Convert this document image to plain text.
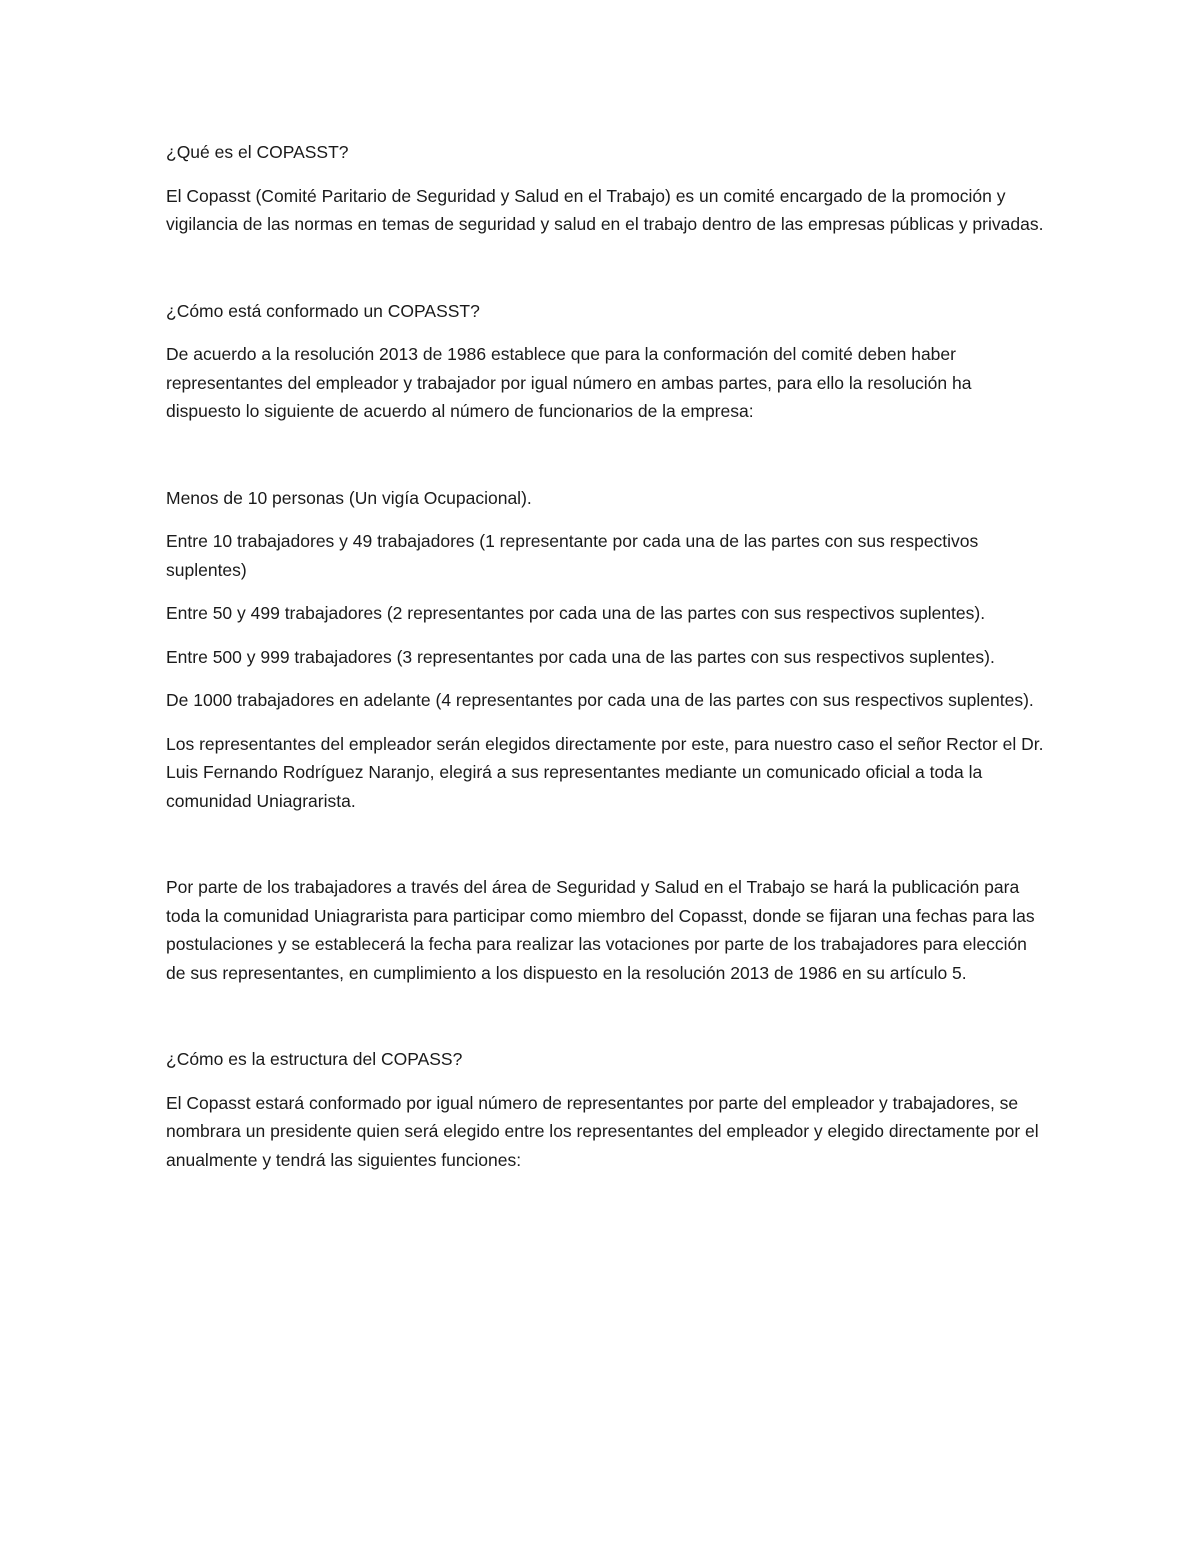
¿Qué es el COPASST?

El Copasst (Comité Paritario de Seguridad y Salud en el Trabajo) es un comité encargado de la promoción y vigilancia de las normas en temas de seguridad y salud en el trabajo dentro de las empresas públicas y privadas.

¿Cómo está conformado un COPASST?

De acuerdo a la resolución 2013 de 1986 establece que para la conformación del comité deben haber representantes del empleador y trabajador por igual número en ambas partes, para ello la resolución ha dispuesto lo siguiente de acuerdo al número de funcionarios de la empresa:

Menos de 10 personas (Un vigía Ocupacional).

Entre 10 trabajadores y 49 trabajadores (1 representante por cada una de las partes con sus respectivos suplentes)

Entre 50 y 499 trabajadores (2 representantes por cada una de las partes con sus respectivos suplentes).

Entre 500 y 999 trabajadores (3 representantes por cada una de las partes con sus respectivos suplentes).

De 1000 trabajadores en adelante (4 representantes por cada una de las partes con sus respectivos suplentes).

Los representantes del empleador serán elegidos directamente por este, para nuestro caso el señor Rector el Dr. Luis Fernando Rodríguez Naranjo, elegirá a sus representantes mediante un comunicado oficial a toda la comunidad Uniagrarista.

Por parte de los trabajadores a través del área de Seguridad y Salud en el Trabajo se hará la publicación para toda la comunidad Uniagrarista para participar como miembro del Copasst, donde se fijaran una fechas para las postulaciones y se establecerá la fecha para realizar las votaciones por parte de los trabajadores para elección de sus representantes, en cumplimiento a los dispuesto en la resolución 2013 de 1986 en su artículo 5.

¿Cómo es la estructura del COPASS?

El Copasst estará conformado por igual número de representantes por parte del empleador y trabajadores, se nombrara un presidente quien será elegido entre los representantes del empleador y elegido directamente por el anualmente y tendrá las siguientes funciones:
